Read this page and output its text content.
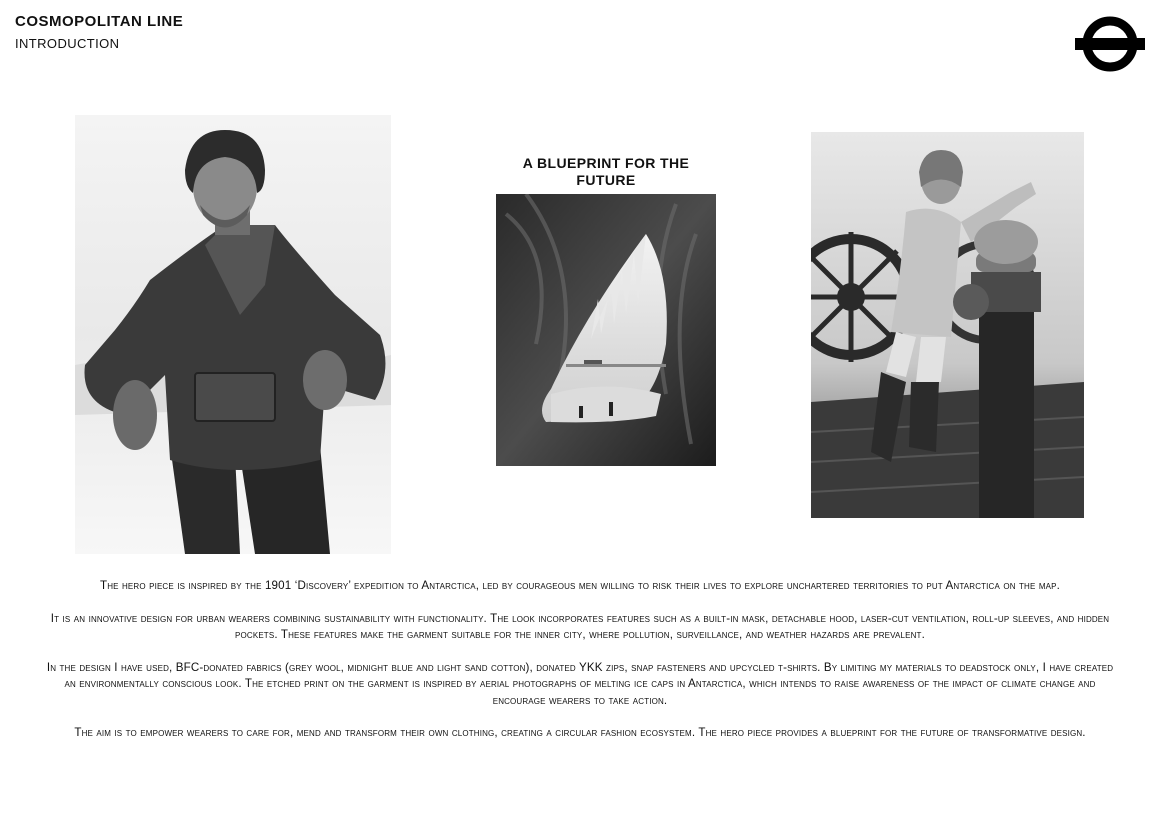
COSMOPOLITAN LINE
INTRODUCTION
A BLUEPRINT FOR THE FUTURE

The hero piece is inspired by the 1901 ‘Discovery’ expedition to Antarctica, led by courageous men willing to risk their lives to explore unchartered territories to put Antarctica on the map.

It is an innovative design for urban wearers combining sustainability with functionality. The look incorporates features such as a built-in mask, detachable hood, laser-cut ventilation, roll-up sleeves, and hidden pockets. These features make the garment suitable for the inner city, where pollution, surveillance, and weather hazards are prevalent.

In the design I have used, BFC-donated fabrics (grey wool, midnight blue and light sand cotton), donated YKK zips, snap fasteners and upcycled t-shirts. By limiting my materials to deadstock only, I have created an environmentally conscious look. The etched print on the garment is inspired by aerial photographs of melting ice caps in Antarctica, which intends to raise awareness of the impact of climate change and encourage wearers to take action.

The aim is to empower wearers to care for, mend and transform their own clothing, creating a circular fashion ecosystem. The hero piece provides a blueprint for the future of transformative design.
